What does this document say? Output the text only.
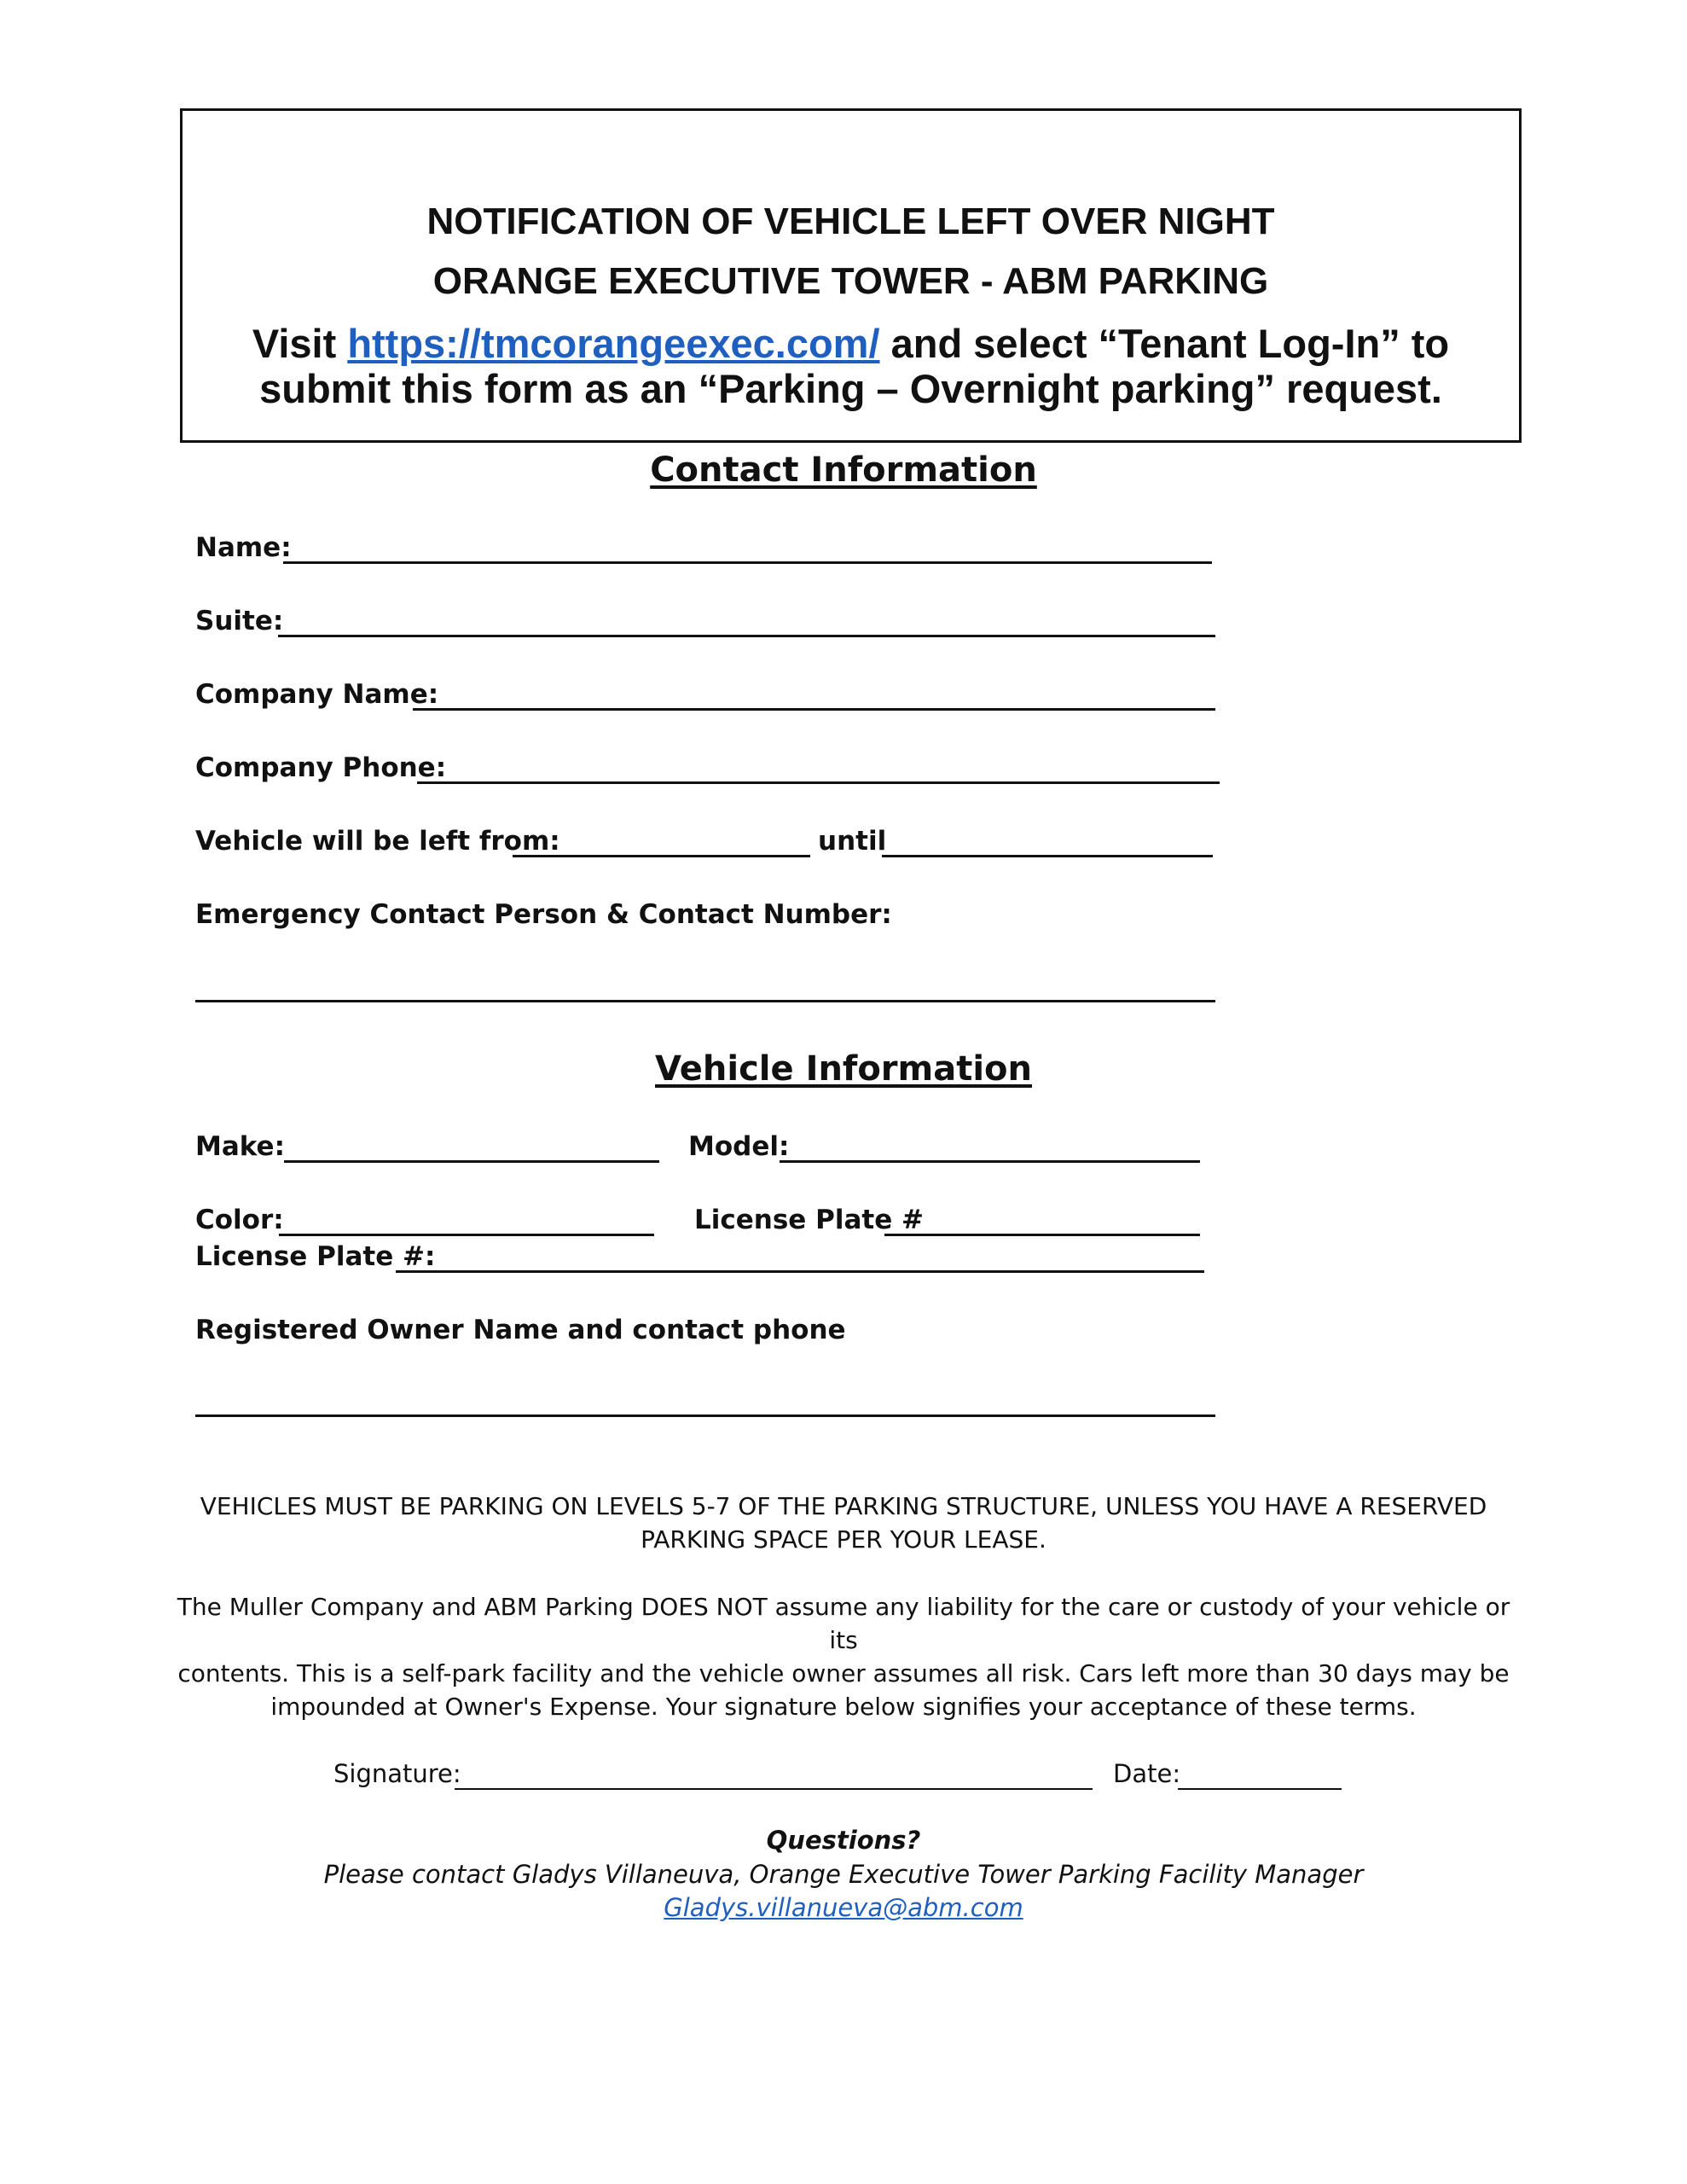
NOTIFICATION OF VEHICLE LEFT OVER NIGHT
ORANGE EXECUTIVE TOWER - ABM PARKING
Visit https://tmcorangeexec.com/ and select “Tenant Log-In” to
submit this form as an “Parking – Overnight parking” request.
Contact Information
Name:
Suite:
Company Name:
Company Phone:
Vehicle will be left from:	until
Emergency Contact Person & Contact Number:
Vehicle Information
Make:	Model:
Color:	License Plate #
License Plate #:
Registered Owner Name and contact phone
VEHICLES MUST BE PARKING ON LEVELS 5-7 OF THE PARKING STRUCTURE, UNLESS YOU HAVE A RESERVED
PARKING SPACE PER YOUR LEASE.
The Muller Company and ABM Parking DOES NOT assume any liability for the care or custody of your vehicle or its
contents. This is a self-park facility and the vehicle owner assumes all risk. Cars left more than 30 days may be
impounded at Owner's Expense. Your signature below signifies your acceptance of these terms.
Signature:	Date:
Questions?
Please contact Gladys Villaneuva, Orange Executive Tower Parking Facility Manager
Gladys.villanueva@abm.com
